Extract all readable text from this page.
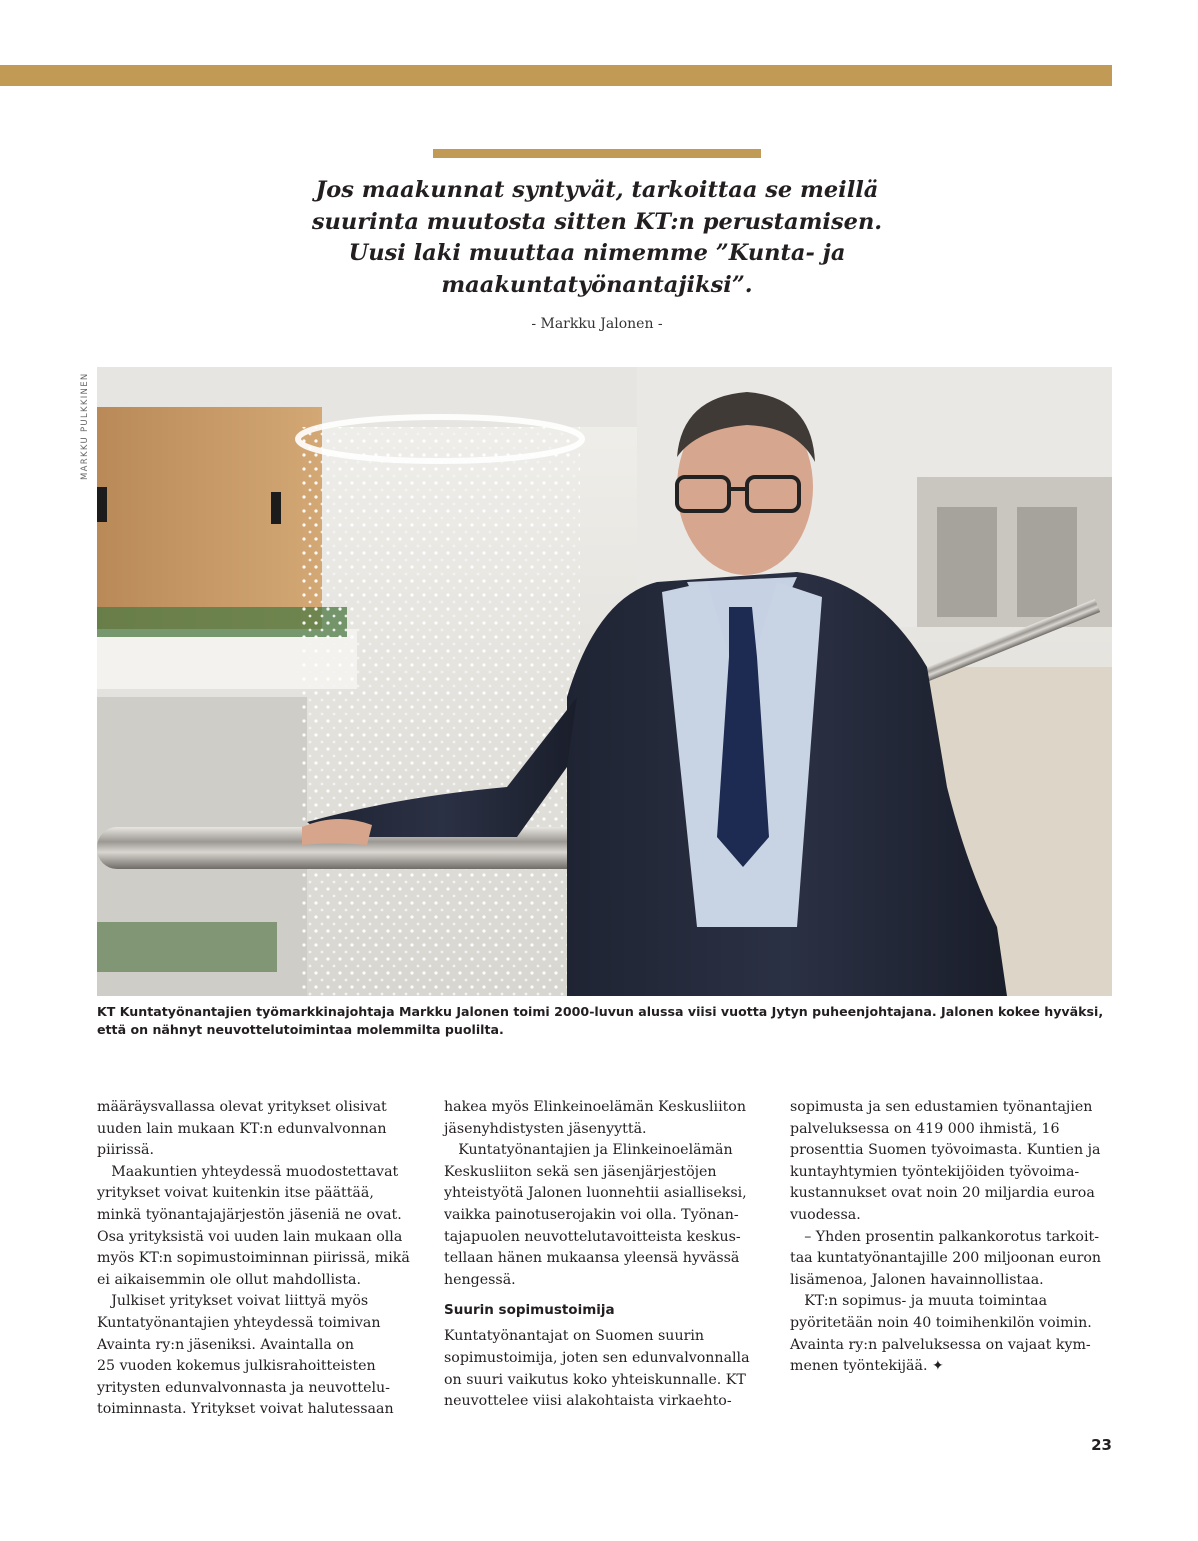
Jos maakunnat syntyvät, tarkoittaa se meillä
suurinta muutosta sitten KT:n perustamisen.
Uusi laki muuttaa nimemme ”Kunta- ja
maakuntatyönantajiksi”.

- Markku Jalonen -
MARKKU PULKKINEN

KT Kuntatyönantajien työmarkkinajohtaja Markku Jalonen toimi 2000-luvun alussa viisi vuotta Jytyn puheenjohtajana. Jalonen kokee hyväksi,
että on nähnyt neuvottelutoimintaa molemmilta puolilta.

määräysvallassa olevat yritykset olisivat
uuden lain mukaan KT:n edunvalvonnan
piirissä.
 Maakuntien yhteydessä muodostettavat
yritykset voivat kuitenkin itse päättää,
minkä työnantajajärjestön jäseniä ne ovat.
Osa yrityksistä voi uuden lain mukaan olla
myös KT:n sopimustoiminnan piirissä, mikä
ei aikaisemmin ole ollut mahdollista.
 Julkiset yritykset voivat liittyä myös
Kuntatyönantajien yhteydessä toimivan
Avainta ry:n jäseniksi. Avaintalla on
25 vuoden kokemus julkisrahoitteisten
yritysten edunvalvonnasta ja neuvottelu-
toiminnasta. Yritykset voivat halutessaan
hakea myös Elinkeinoelämän Keskusliiton
jäsenyhdistysten jäsenyyttä.
 Kuntatyönantajien ja Elinkeinoelämän
Keskusliiton sekä sen jäsenjärjestöjen
yhteistyötä Jalonen luonnehtii asialliseksi,
vaikka painotuserojakin voi olla. Työnan-
tajapuolen neuvottelutavoitteista keskus-
tellaan hänen mukaansa yleensä hyvässä
hengessä.
Suurin sopimustoimija
Kuntatyönantajat on Suomen suurin
sopimustoimija, joten sen edunvalvonnalla
on suuri vaikutus koko yhteiskunnalle. KT
neuvottelee viisi alakohtaista virkaehto-
sopimusta ja sen edustamien työnantajien
palveluksessa on 419 000 ihmistä, 16
prosenttia Suomen työvoimasta. Kuntien ja
kuntayhtymien työntekijöiden työvoima-
kustannukset ovat noin 20 miljardia euroa
vuodessa.
 – Yhden prosentin palkankorotus tarkoit-
taa kuntatyönantajille 200 miljoonan euron
lisämenoa, Jalonen havainnollistaa.
 KT:n sopimus- ja muuta toimintaa
pyöritetään noin 40 toimihenkilön voimin.
Avainta ry:n palveluksessa on vajaat kym-
menen työntekijää. ✦
23
